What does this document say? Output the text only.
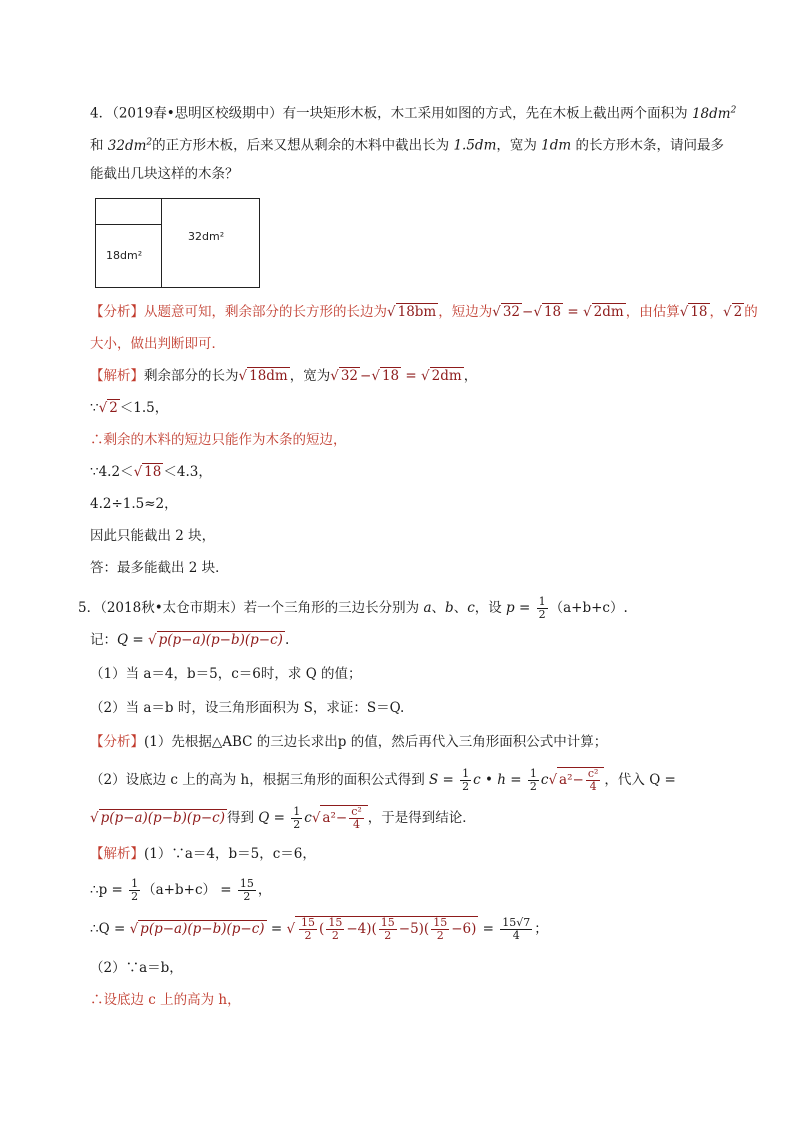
4．（2019春•思明区校级期中）有一块矩形木板，木工采用如图的方式，先在木板上截出两个面积为 $18dm^2$
和 $32dm^2$的正方形木板，后来又想从剩余的木料中截出长为 1.5dm，宽为 1dm 的长方形木条，请问最多
能截出几块这样的木条？
18dm²
32dm²
【分析】从题意可知，剩余部分的长方形的长边为√ 18bm ，短边为√ 32 −√ 18 = √ 2dm ，由估算√ 18 ，√ 2 的
大小，做出判断即可．
【解析】剩余部分的长为√ 18dm ，宽为√ 32 −√ 18 = √ 2dm ，
∵√ 2 ＜1.5，
∴剩余的木料的短边只能作为木条的短边，
∵4.2＜√ 18 ＜4.3，
4.2÷1.5≈2，
因此只能截出 2 块，
答：最多能截出 2 块．
5．（2018秋•太仓市期末）若一个三角形的三边长分别为 a、b、c，设 $p = \frac{1}{2} (a+b+c)$.
记：Q = √ p(p−a)(p−b)(p−c) .
（1）当 a＝4，b＝5，c＝6时，求 Q 的值；
（2）当 a＝b 时，设三角形面积为 S，求证：S＝Q.
【分析】(1）先根据△ABC 的三边长求出p 的值，然后再代入三角形面积公式中计算；
（2）设底边 c 上的高为 h，根据三角形的面积公式得到 $S = \frac{1}{2}$ c • $h = \frac{1}{2} c√$ $a^2- \frac{\text{c²}}{4}$ ，代入 Q =
√ p(p−a)(p−b)(p−c) 得到 $Q = \frac{1}{2} c√$ $a^2- \frac{\text{c²}}{4}$ ，于是得到结论．
【解析】(1）∵a＝4，b＝5，c＝6，
∴p = $\frac{1}{2} (a+b+c) = \frac{15}{2}$ ，
∴Q = √ p(p−a)(p−b)(p−c) = √ $\frac{15}{2}$ ( $\frac{15}{2} -4)( \frac{15}{2} -5)( \frac{15}{2} -6) = \frac{15√7}{4}$ ；
（2）∵a＝b，
∴设底边 c 上的高为 h，
